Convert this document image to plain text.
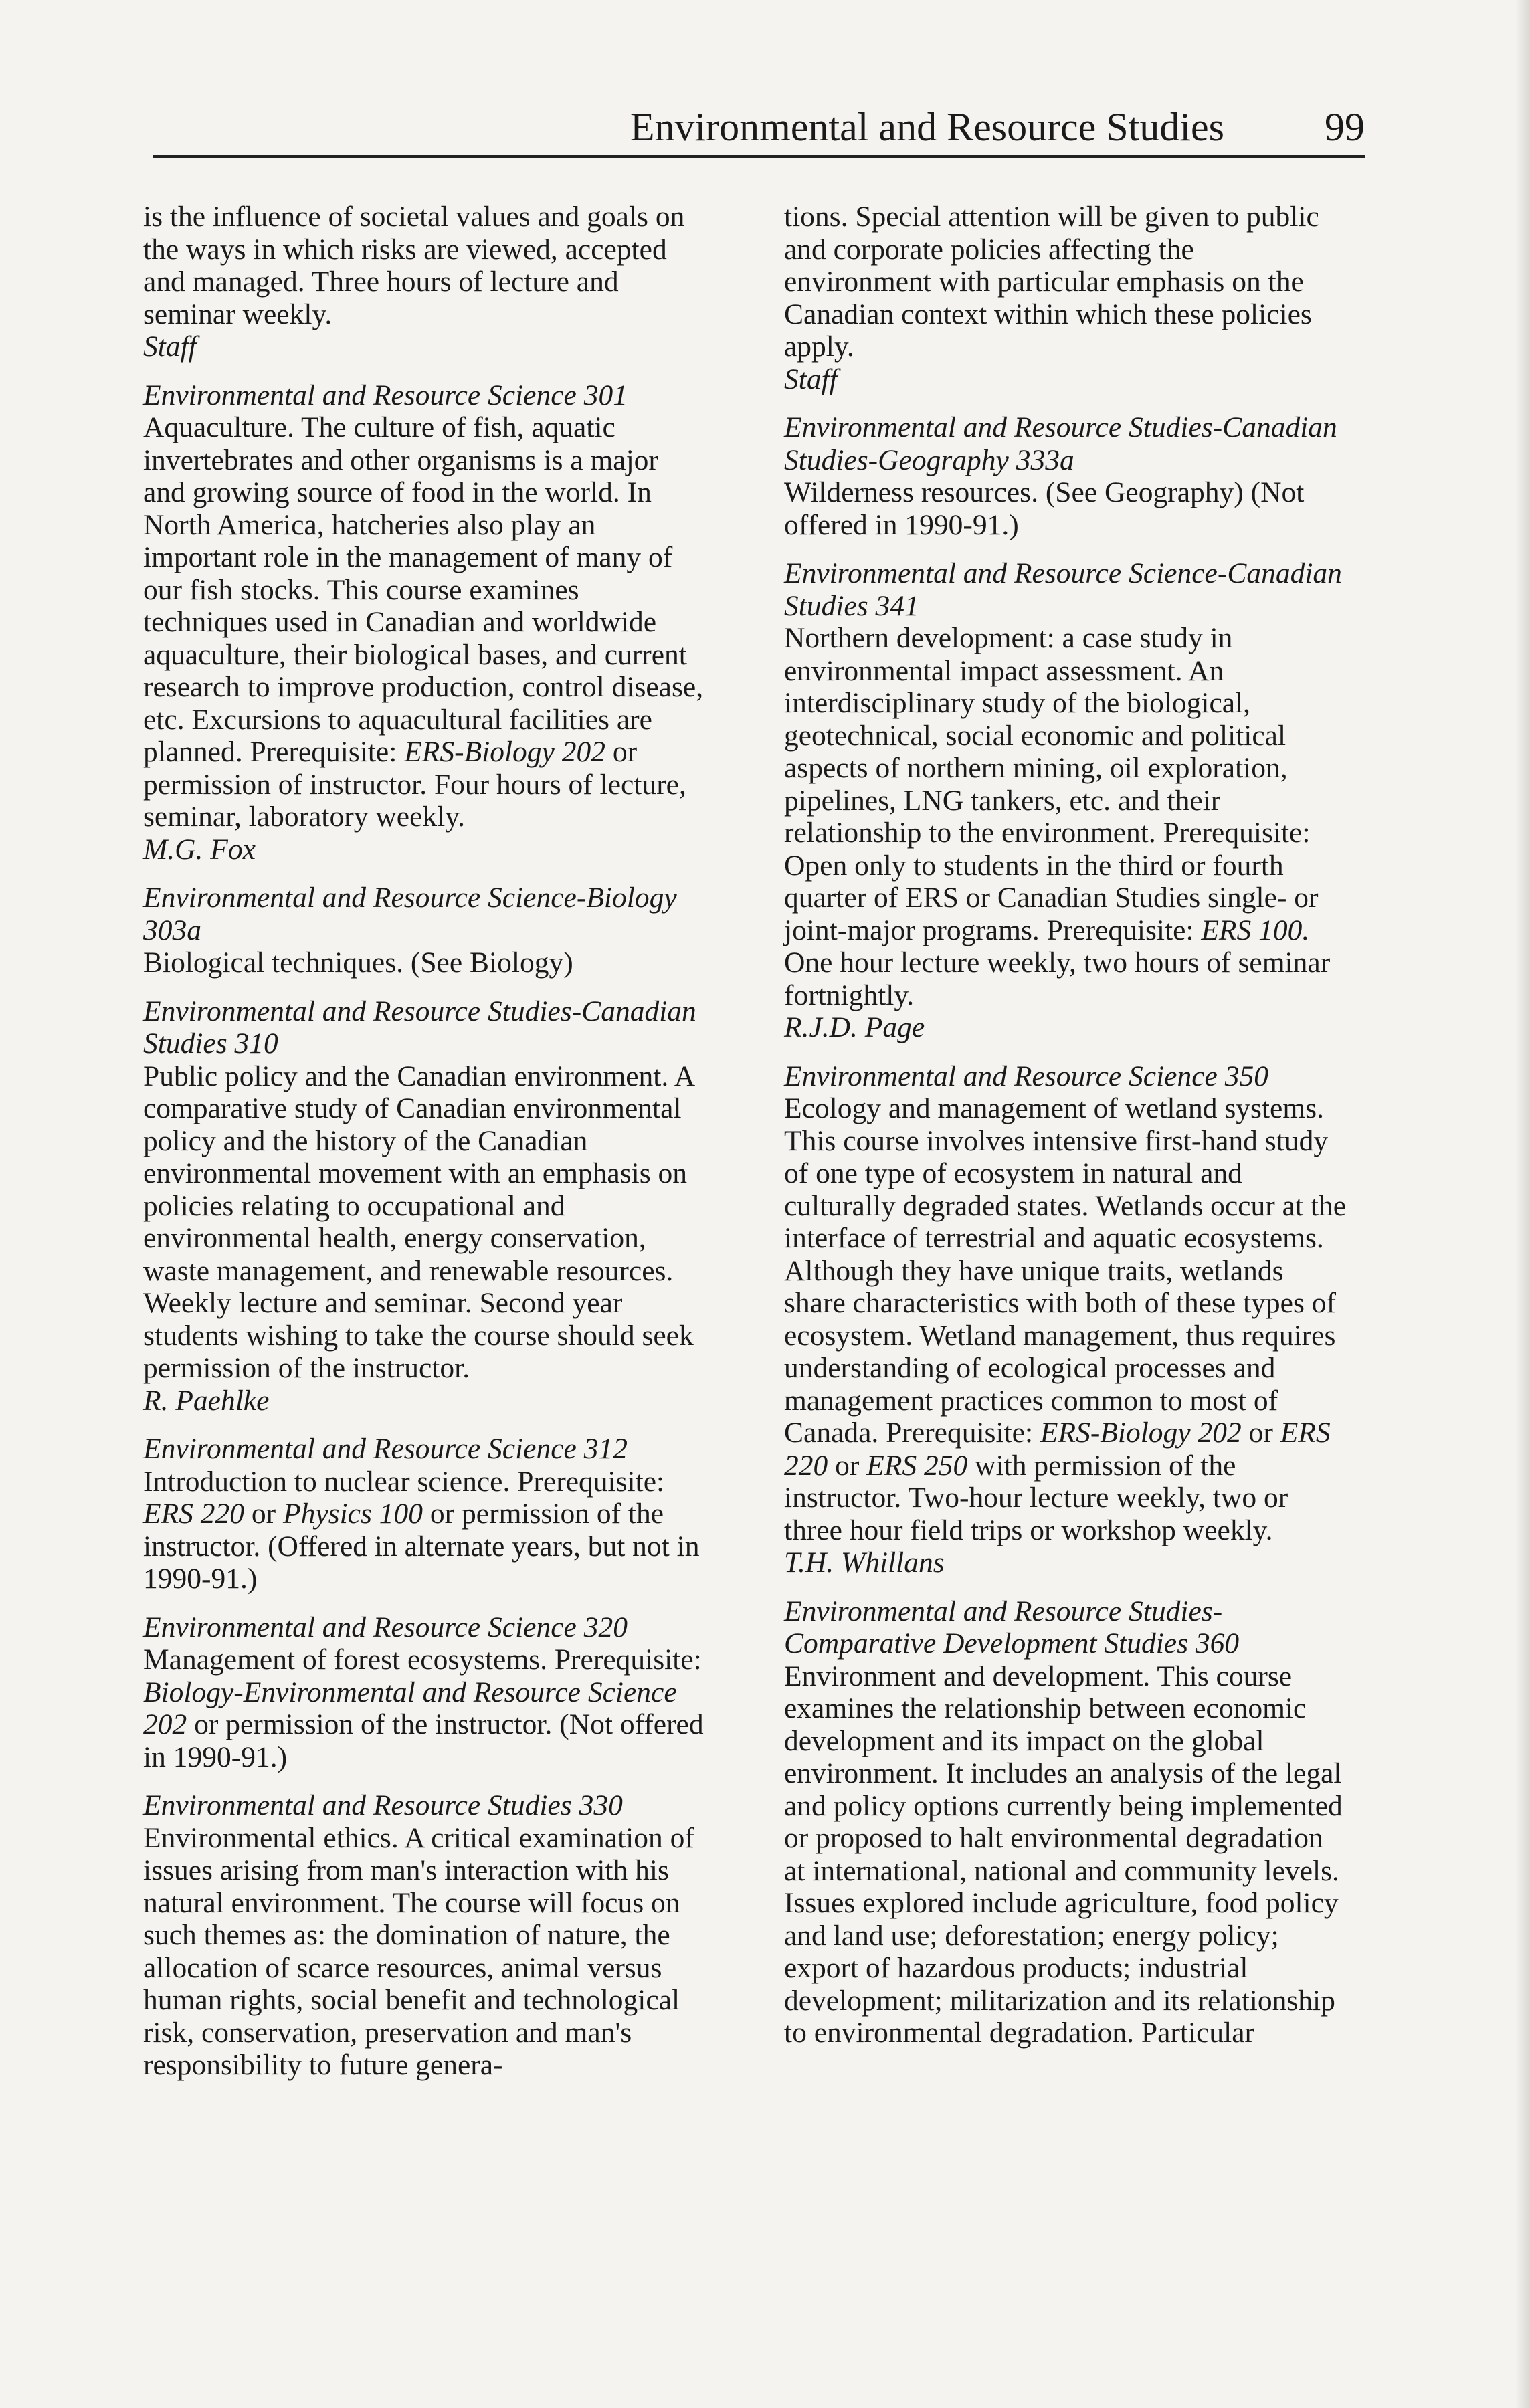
Environmental and Resource Studies	99

is the influence of societal values and goals on the ways in which risks are viewed, accepted and managed. Three hours of lecture and seminar weekly.

Staff

Environmental and Resource Science 301

Aquaculture. The culture of fish, aquatic invertebrates and other organisms is a major and growing source of food in the world. In North America, hatcheries also play an important role in the management of many of our fish stocks. This course examines techniques used in Canadian and worldwide aquaculture, their biological bases, and current research to improve production, control disease, etc. Excursions to aquacultural facilities are planned. Prerequisite: ERS-Biology 202 or permission of instructor. Four hours of lecture, seminar, laboratory weekly.

M.G. Fox

Environmental and Resource Science-Biology 303a

Biological techniques. (See Biology)

Environmental and Resource Studies-Canadian Studies 310

Public policy and the Canadian environment. A comparative study of Canadian environmental policy and the history of the Canadian environmental movement with an emphasis on policies relating to occupational and environmental health, energy conservation, waste management, and renewable resources. Weekly lecture and seminar. Second year students wishing to take the course should seek permission of the instructor.

R. Paehlke

Environmental and Resource Science 312

Introduction to nuclear science. Prerequisite: ERS 220 or Physics 100 or permission of the instructor. (Offered in alternate years, but not in 1990-91.)

Environmental and Resource Science 320

Management of forest ecosystems. Prerequisite: Biology-Environmental and Resource Science 202 or permission of the instructor. (Not offered in 1990-91.)

Environmental and Resource Studies 330

Environmental ethics. A critical examination of issues arising from man's interaction with his natural environment. The course will focus on such themes as: the domination of nature, the allocation of scarce resources, animal versus human rights, social benefit and technological risk, conservation, preservation and man's responsibility to future genera-

tions. Special attention will be given to public and corporate policies affecting the environment with particular emphasis on the Canadian context within which these policies apply.

Staff

Environmental and Resource Studies-Canadian Studies-Geography 333a

Wilderness resources. (See Geography) (Not offered in 1990-91.)

Environmental and Resource Science-Canadian Studies 341

Northern development: a case study in environmental impact assessment. An interdisciplinary study of the biological, geotechnical, social economic and political aspects of northern mining, oil exploration, pipelines, LNG tankers, etc. and their relationship to the environment. Prerequisite: Open only to students in the third or fourth quarter of ERS or Canadian Studies single- or joint-major programs. Prerequisite: ERS 100. One hour lecture weekly, two hours of seminar fortnightly.

R.J.D. Page

Environmental and Resource Science 350

Ecology and management of wetland systems. This course involves intensive first-hand study of one type of ecosystem in natural and culturally degraded states. Wetlands occur at the interface of terrestrial and aquatic ecosystems. Although they have unique traits, wetlands share characteristics with both of these types of ecosystem. Wetland management, thus requires understanding of ecological processes and management practices common to most of Canada. Prerequisite: ERS-Biology 202 or ERS 220 or ERS 250 with permission of the instructor. Two-hour lecture weekly, two or three hour field trips or workshop weekly.

T.H. Whillans

Environmental and Resource Studies-Comparative Development Studies 360

Environment and development. This course examines the relationship between economic development and its impact on the global environment. It includes an analysis of the legal and policy options currently being implemented or proposed to halt environmental degradation at international, national and community levels. Issues explored include agriculture, food policy and land use; deforestation; energy policy; export of hazardous products; industrial development; militarization and its relationship to environmental degradation. Particular
